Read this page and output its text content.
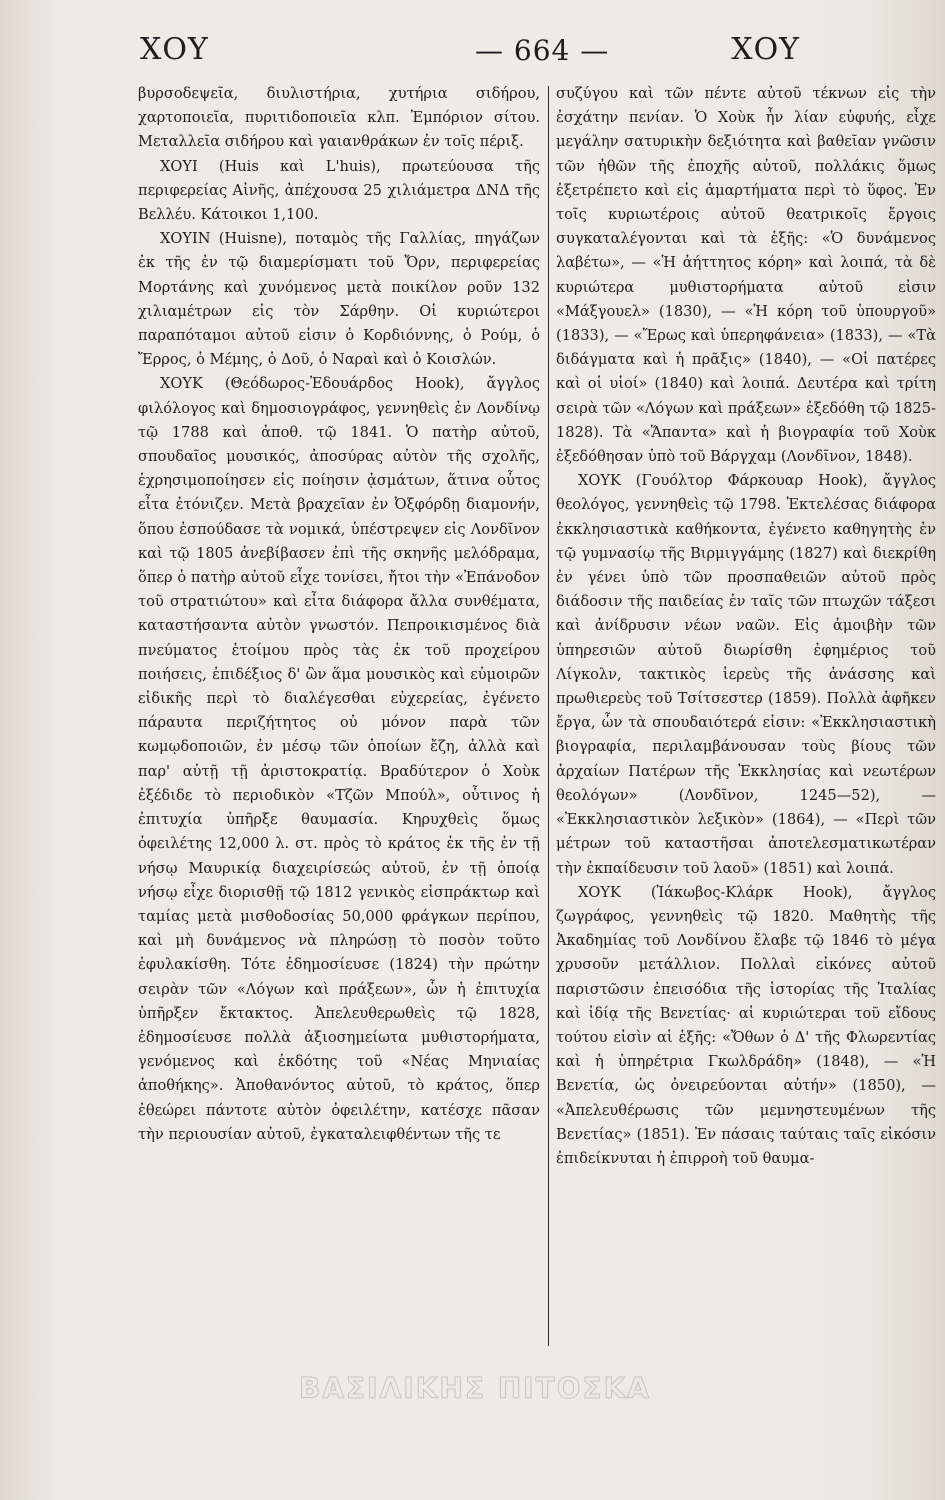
ΧΟΥ	— 664 —	ΧΟΥ

βυρσοδεψεῖα, διυλιστήρια, χυτήρια σιδήρου, χαρτοποιεῖα, πυριτιδοποιεῖα κλπ. Ἐμπόριον σίτου. Μεταλλεῖα σιδήρου καὶ γαιανθράκων ἐν τοῖς πέριξ.

ΧΟΥΙ (Huis καὶ L'huis), πρωτεύουσα τῆς περιφερείας Αἰνῆς, ἀπέχουσα 25 χιλιάμετρα ΔΝΔ τῆς Βελλέυ. Κάτοικοι 1,100.

ΧΟΥΙΝ (Huisne), ποταμὸς τῆς Γαλλίας, πηγάζων ἐκ τῆς ἐν τῷ διαμερίσματι τοῦ Ὄρν, περιφερείας Μορτάνης καὶ χυνόμενος μετὰ ποικίλον ροῦν 132 χιλιαμέτρων εἰς τὸν Σάρθην. Οἱ κυριώτεροι παραπόταμοι αὐτοῦ εἰσιν ὁ Κορδιόννης, ὁ Ρούμ, ὁ Ἔρρος, ὁ Μέμης, ὁ Δοῦ, ὁ Ναραὶ καὶ ὁ Κοισλών.

ΧΟΥΚ (Θεόδωρος-Ἐδουάρδος Hook), ἄγγλος φιλόλογος καὶ δημοσιογράφος, γεννηθεὶς ἐν Λονδίνῳ τῷ 1788 καὶ ἀποθ. τῷ 1841. Ὁ πατὴρ αὐτοῦ, σπουδαῖος μουσικός, ἀποσύρας αὐτὸν τῆς σχολῆς, ἐχρησιμοποίησεν εἰς ποίησιν ᾀσμάτων, ἅτινα οὗτος εἶτα ἐτόνιζεν. Μετὰ βραχεῖαν ἐν Ὀξφόρδῃ διαμονήν, ὅπου ἐσπούδασε τὰ νομικά, ὑπέστρεψεν εἰς Λονδῖνον καὶ τῷ 1805 ἀνεβίβασεν ἐπὶ τῆς σκηνῆς μελόδραμα, ὅπερ ὁ πατὴρ αὐτοῦ εἶχε τονίσει, ἤτοι τὴν «Ἐπάνοδον τοῦ στρατιώτου» καὶ εἶτα διάφορα ἄλλα συνθέματα, καταστήσαντα αὐτὸν γνωστόν. Πεπροικισμένος διὰ πνεύματος ἑτοίμου πρὸς τὰς ἐκ τοῦ προχείρου ποιήσεις, ἐπιδέξιος δ' ὢν ἅμα μουσικὸς καὶ εὐμοιρῶν εἰδικῆς περὶ τὸ διαλέγεσθαι εὐχερείας, ἐγένετο πάραυτα περιζήτητος οὐ μόνον παρὰ τῶν κωμῳδοποιῶν, ἐν μέσῳ τῶν ὁποίων ἔζη, ἀλλὰ καὶ παρ' αὐτῇ τῇ ἀριστοκρατίᾳ. Βραδύτερον ὁ Χοὺκ ἐξέδιδε τὸ περιοδικὸν «Τζῶν Μπούλ», οὗτινος ἡ ἐπιτυχία ὑπῆρξε θαυμασία. Κηρυχθεὶς ὅμως ὀφειλέτης 12,000 λ. στ. πρὸς τὸ κράτος ἐκ τῆς ἐν τῇ νήσῳ Μαυρικίᾳ διαχειρίσεώς αὐτοῦ, ἐν τῇ ὁποίᾳ νήσῳ εἶχε διορισθῇ τῷ 1812 γενικὸς εἰσπράκτωρ καὶ ταμίας μετὰ μισθοδοσίας 50,000 φράγκων περίπου, καὶ μὴ δυνάμενος νὰ πληρώσῃ τὸ ποσὸν τοῦτο ἐφυλακίσθη. Τότε ἐδημοσίευσε (1824) τὴν πρώτην σειρὰν τῶν «Λόγων καὶ πράξεων», ὧν ἡ ἐπιτυχία ὑπῆρξεν ἔκτακτος. Ἀπελευθερωθεὶς τῷ 1828, ἐδημοσίευσε πολλὰ ἀξιοσημείωτα μυθιστορήματα, γενόμενος καὶ ἐκδότης τοῦ «Νέας Μηνιαίας ἀποθήκης». Ἀποθανόντος αὐτοῦ, τὸ κράτος, ὅπερ ἐθεώρει πάντοτε αὐτὸν ὀφειλέτην, κατέσχε πᾶσαν τὴν περιουσίαν αὐτοῦ, ἐγκαταλειφθέντων τῆς τε

συζύγου καὶ τῶν πέντε αὐτοῦ τέκνων εἰς τὴν ἐσχάτην πενίαν. Ὁ Χοὺκ ἦν λίαν εὐφυής, εἶχε μεγάλην σατυρικὴν δεξιότητα καὶ βαθεῖαν γνῶσιν τῶν ἠθῶν τῆς ἐποχῆς αὐτοῦ, πολλάκις ὅμως ἐξετρέπετο καὶ εἰς ἁμαρτήματα περὶ τὸ ὕφος. Ἐν τοῖς κυριωτέροις αὐτοῦ θεατρικοῖς ἔργοις συγκαταλέγονται καὶ τὰ ἑξῆς: «Ὁ δυνάμενος λαβέτω», — «Ἡ ἀήττητος κόρη» καὶ λοιπά, τὰ δὲ κυριώτερα μυθιστορήματα αὐτοῦ εἰσιν «Μάξγουελ» (1830), — «Ἡ κόρη τοῦ ὑπουργοῦ» (1833), — «Ἔρως καὶ ὑπερηφάνεια» (1833), — «Τὰ διδάγματα καὶ ἡ πρᾶξις» (1840), — «Οἱ πατέρες καὶ οἱ υἱοί» (1840) καὶ λοιπά. Δευτέρα καὶ τρίτη σειρὰ τῶν «Λόγων καὶ πράξεων» ἐξεδόθη τῷ 1825-1828). Τὰ «Ἅπαντα» καὶ ἡ βιογραφία τοῦ Χοὺκ ἐξεδόθησαν ὑπὸ τοῦ Βάργχαμ (Λονδῖνον, 1848).

ΧΟΥΚ (Γουόλτορ Φάρκουαρ Hook), ἄγγλος θεολόγος, γεννηθεὶς τῷ 1798. Ἐκτελέσας διάφορα ἐκκλησιαστικὰ καθήκοντα, ἐγένετο καθηγητὴς ἐν τῷ γυμνασίῳ τῆς Βιρμιγγάμης (1827) καὶ διεκρίθη ἐν γένει ὑπὸ τῶν προσπαθειῶν αὐτοῦ πρὸς διάδοσιν τῆς παιδείας ἐν ταῖς τῶν πτωχῶν τάξεσι καὶ ἀνίδρυσιν νέων ναῶν. Εἰς ἀμοιβὴν τῶν ὑπηρεσιῶν αὐτοῦ διωρίσθη ἐφημέριος τοῦ Λίγκολν, τακτικὸς ἱερεὺς τῆς ἀνάσσης καὶ πρωθιερεὺς τοῦ Τσίτσεστερ (1859). Πολλὰ ἀφῆκεν ἔργα, ὧν τὰ σπουδαιότερά εἰσιν: «Ἐκκλησιαστικὴ βιογραφία, περιλαμβάνουσαν τοὺς βίους τῶν ἀρχαίων Πατέρων τῆς Ἐκκλησίας καὶ νεωτέρων θεολόγων» (Λονδῖνον, 1245—52), — «Ἐκκλησιαστικὸν λεξικὸν» (1864), — «Περὶ τῶν μέτρων τοῦ καταστῆσαι ἀποτελεσματικωτέραν τὴν ἐκπαίδευσιν τοῦ λαοῦ» (1851) καὶ λοιπά.

ΧΟΥΚ (Ἰάκωβος-Κλάρκ Hook), ἄγγλος ζωγράφος, γεννηθεὶς τῷ 1820. Μαθητὴς τῆς Ἀκαδημίας τοῦ Λονδίνου ἔλαβε τῷ 1846 τὸ μέγα χρυσοῦν μετάλλιον. Πολλαὶ εἰκόνες αὐτοῦ παριστῶσιν ἐπεισόδια τῆς ἱστορίας τῆς Ἰταλίας καὶ ἰδίᾳ τῆς Βενετίας· αἱ κυριώτεραι τοῦ εἴδους τούτου εἰσὶν αἱ ἑξῆς: «Ὄθων ὁ Δ' τῆς Φλωρεντίας καὶ ἡ ὑπηρέτρια Γκωλδράδη» (1848), — «Ἡ Βενετία, ὡς ὀνειρεύονται αὐτήν» (1850), — «Ἀπελευθέρωσις τῶν μεμνηστευμένων τῆς Βενετίας» (1851). Ἐν πάσαις ταύταις ταῖς εἰκόσιν ἐπιδείκνυται ἡ ἐπιρροὴ τοῦ θαυμα-

ΒΑΣΙΛΙΚΗΣ ΠΙΤΟΣΚΑ
